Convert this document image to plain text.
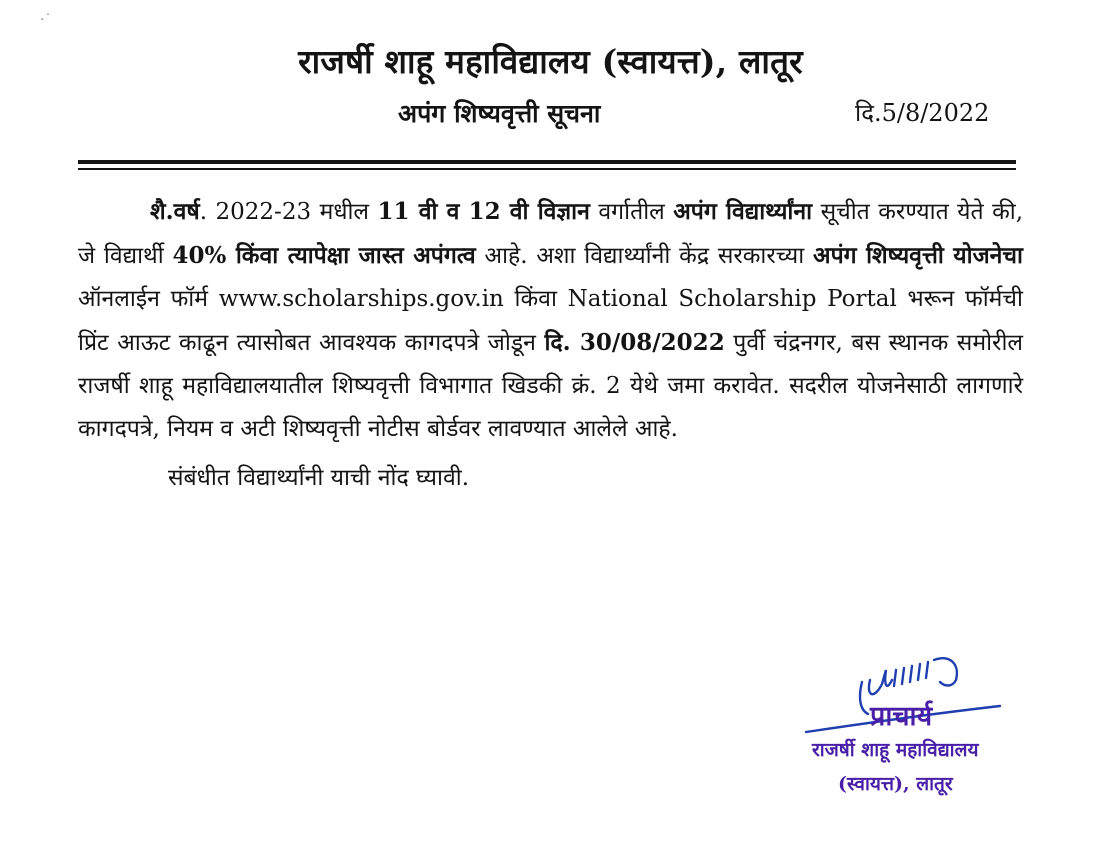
·˙
राजर्षी शाहू महाविद्यालय (स्वायत्त), लातूर
अपंग शिष्यवृत्ती सूचना	दि.5/8/2022

शै.वर्ष. 2022-23 मधील 11 वी व 12 वी विज्ञान वर्गातील अपंग विद्यार्थ्यांना सूचीत करण्यात येते की, जे विद्यार्थी 40% किंवा त्यापेक्षा जास्त अपंगत्व आहे. अशा विद्यार्थ्यांनी केंद्र सरकारच्या अपंग शिष्यवृत्ती योजनेचा ऑनलाईन फॉर्म www.scholarships.gov.in किंवा National Scholarship Portal भरून फॉर्मची प्रिंट आऊट काढून त्यासोबत आवश्यक कागदपत्रे जोडून दि. 30/08/2022 पुर्वी चंद्रनगर, बस स्थानक समोरील राजर्षी शाहू महाविद्यालयातील शिष्यवृत्ती विभागात खिडकी क्रं. 2 येथे जमा करावेत. सदरील योजनेसाठी लागणारे कागदपत्रे, नियम व अटी शिष्यवृत्ती नोटीस बोर्डवर लावण्यात आलेले आहे.

संबंधीत विद्यार्थ्यांनी याची नोंद घ्यावी.

प्राचार्य
राजर्षी शाहू महाविद्यालय
(स्वायत्त), लातूर
